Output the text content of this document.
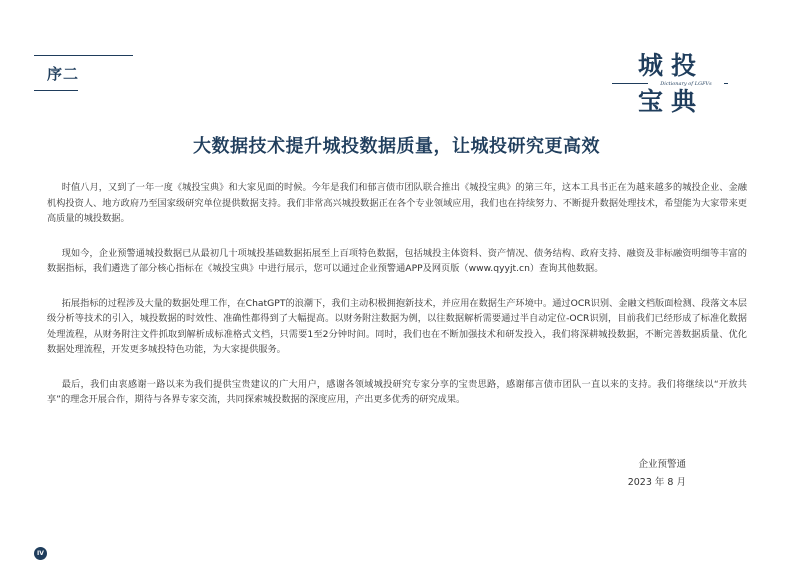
序二	城投
Dictionary of LGFVs
宝典
大数据技术提升城投数据质量，让城投研究更高效

时值八月，又到了一年一度《城投宝典》和大家见面的时候。今年是我们和郁言债市团队联合推出《城投宝典》的第三年，这本工具书正在为越来越多的城投企业、金融机构投资人、地方政府乃至国家级研究单位提供数据支持。我们非常高兴城投数据正在各个专业领域应用，我们也在持续努力、不断提升数据处理技术，希望能为大家带来更高质量的城投数据。

现如今，企业预警通城投数据已从最初几十项城投基础数据拓展至上百项特色数据，包括城投主体资料、资产情况、债务结构、政府支持、融资及非标融资明细等丰富的数据指标，我们遴选了部分核心指标在《城投宝典》中进行展示，您可以通过企业预警通APP及网页版（www.qyyjt.cn）查询其他数据。

拓展指标的过程涉及大量的数据处理工作，在ChatGPT的浪潮下，我们主动积极拥抱新技术，并应用在数据生产环境中。通过OCR识别、金融文档版面检测、段落文本层级分析等技术的引入，城投数据的时效性、准确性都得到了大幅提高。以财务附注数据为例，以往数据解析需要通过半自动定位-OCR识别，目前我们已经形成了标准化数据处理流程，从财务附注文件抓取到解析成标准格式文档，只需要1至2分钟时间。同时，我们也在不断加强技术和研发投入，我们将深耕城投数据，不断完善数据质量、优化数据处理流程，开发更多城投特色功能，为大家提供服务。

最后，我们由衷感谢一路以来为我们提供宝贵建议的广大用户，感谢各领域城投研究专家分享的宝贵思路，感谢郁言债市团队一直以来的支持。我们将继续以“开放共享”的理念开展合作，期待与各界专家交流，共同探索城投数据的深度应用，产出更多优秀的研究成果。

企业预警通
2023 年 8 月
IV
